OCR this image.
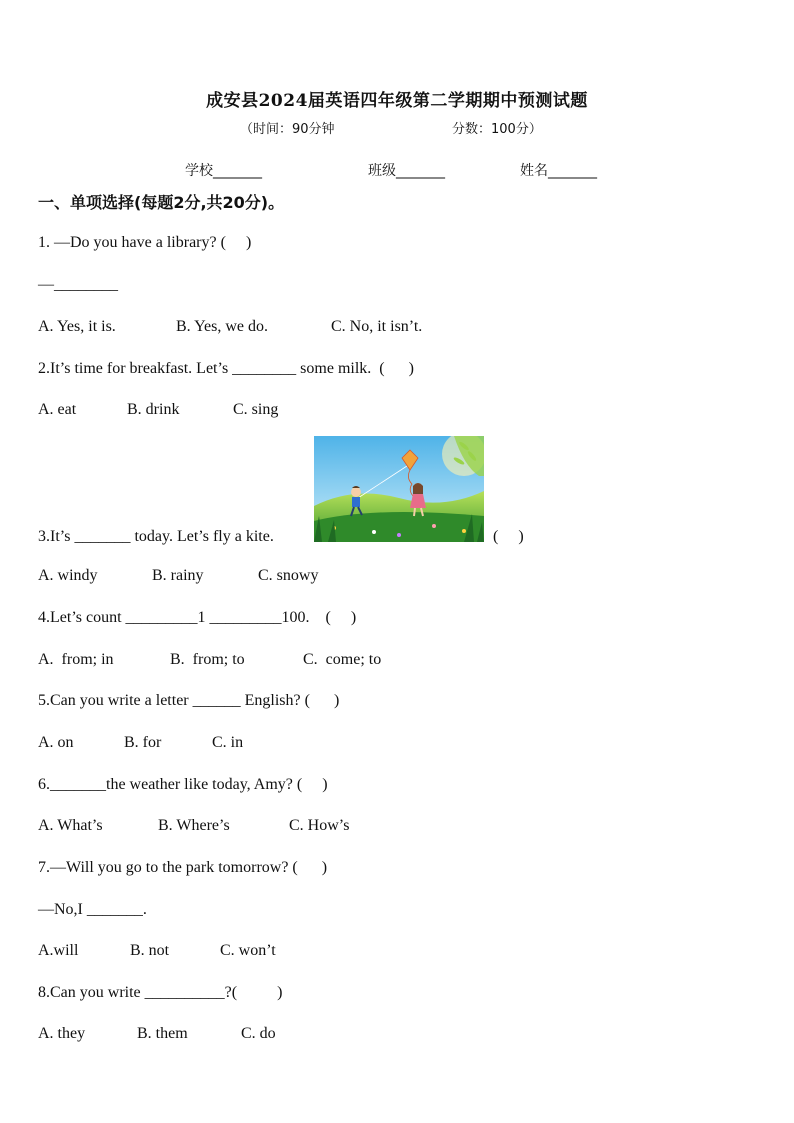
成安县2024届英语四年级第二学期期中预测试题
（时间：90分钟	分数：100分）
学校_______	班级_______	姓名_______
一、单项选择(每题2分,共20分)。
1. —Do you have a library? (     )
—________
A. Yes, it is.	B. Yes, we do.	C. No, it isn’t.
2.It’s time for breakfast. Let’s ________ some milk.  (      )
A. eat	B. drink	C. sing
3.It’s _______ today. Let’s fly a kite.	(     )
A. windy	B. rainy	C. snowy
4.Let’s count _________1 _________100.    (     )
A.  from; in	B.  from; to	C.  come; to
5.Can you write a letter ______ English? (      )
A. on	B. for	C. in
6._______the weather like today, Amy? (     )
A. What’s	B. Where’s	C. How’s
7.—Will you go to the park tomorrow? (      )
—No,I _______.
A.will	B. not	C. won’t
8.Can you write __________?(          )
A. they	B. them	C. do
